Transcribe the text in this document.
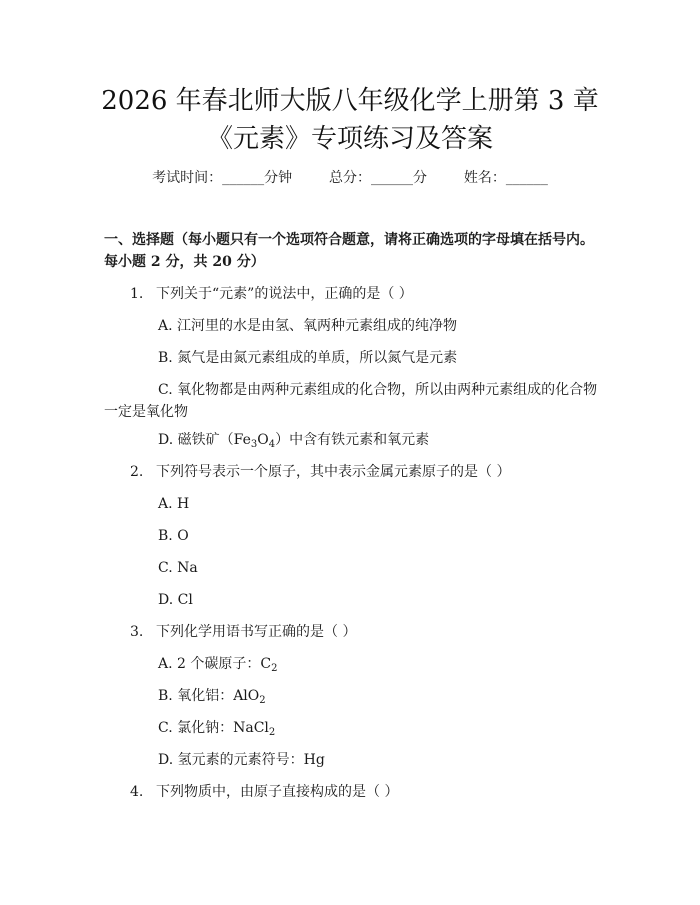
2026 年春北师大版八年级化学上册第 3 章
《元素》专项练习及答案
考试时间：______分钟	总分：______分	姓名：______
一、选择题（每小题只有一个选项符合题意，请将正确选项的字母填在括号内。每小题 2 分，共 20 分）
1. 下列关于“元素”的说法中，正确的是（ ）
A. 江河里的水是由氢、氧两种元素组成的纯净物
B. 氮气是由氮元素组成的单质，所以氮气是元素
C. 氧化物都是由两种元素组成的化合物，所以由两种元素组成的化合物一定是氧化物
D. 磁铁矿$(Fe_3O_4)$中含有铁元素和氧元素
2. 下列符号表示一个原子，其中表示金属元素原子的是（ ）
A. H
B. O
C. Na
D. Cl
3. 下列化学用语书写正确的是（ ）
A. 2 个碳原子：$C_2$
B. 氧化铝：AlO$_2$
C. 氯化钠：NaCl$_2$
D. 氢元素的元素符号：Hg
4. 下列物质中，由原子直接构成的是（ ）
